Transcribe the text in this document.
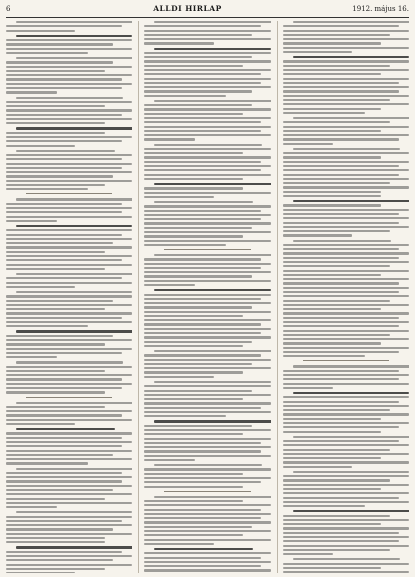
6	ALLDI HIRLAP	1912. május 16.
